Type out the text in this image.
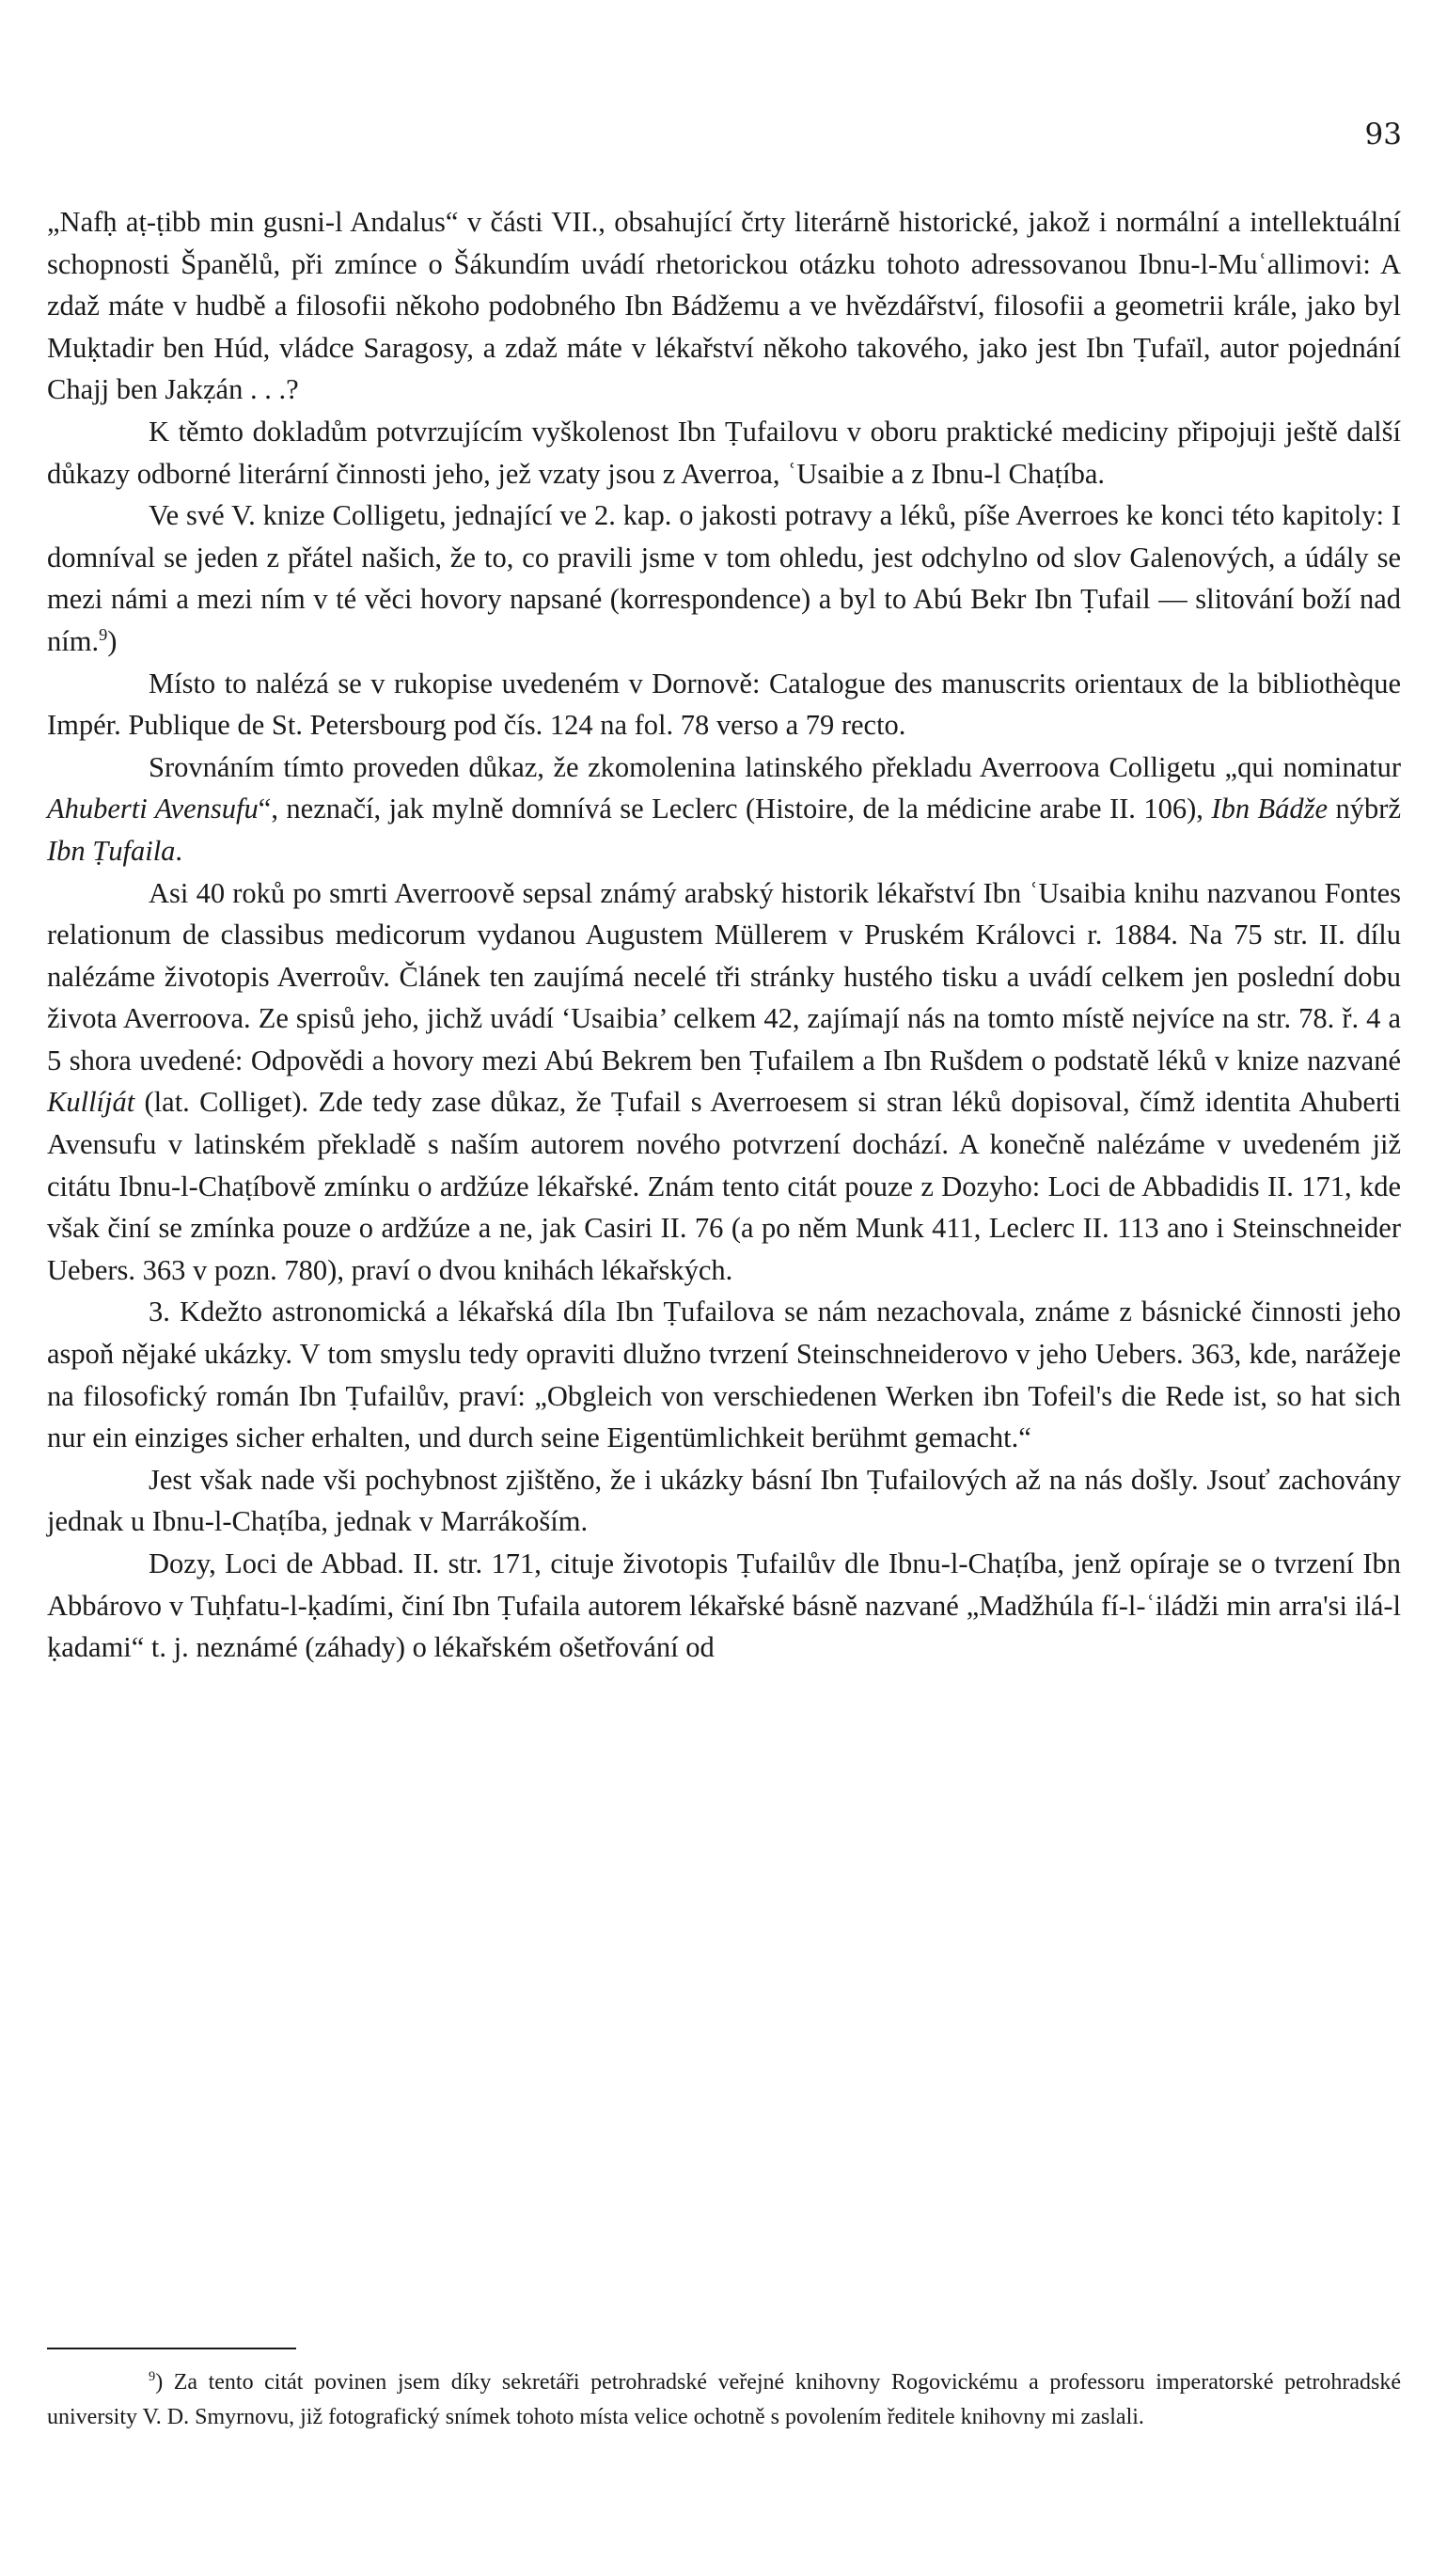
93

„Nafḥ aṭ-ṭibb min gusni-l Andalus“ v části VII., obsahující črty literárně historické, jakož i normální a intellektuální schopnosti Španělů, při zmínce o Šákundím uvádí rhetorickou otázku tohoto adressovanou Ibnu-l-Muʿallimovi: A zdaž máte v hudbě a filosofii někoho podobného Ibn Bádžemu a ve hvězdářství, filosofii a geometrii krále, jako byl Muḳtadir ben Húd, vládce Saragosy, a zdaž máte v lékařství někoho takového, jako jest Ibn Ṭufaïl, autor pojednání Chajj ben Jakẓán . . .?

K těmto dokladům potvrzujícím vyškolenost Ibn Ṭufailovu v oboru praktické mediciny připojuji ještě další důkazy odborné literární činnosti jeho, jež vzaty jsou z Averroa, ʿUsaibie a z Ibnu-l Chaṭíba.

Ve své V. knize Colligetu, jednající ve 2. kap. o jakosti potravy a léků, píše Averroes ke konci této kapitoly: I domníval se jeden z přátel našich, že to, co pravili jsme v tom ohledu, jest odchylno od slov Galenových, a údály se mezi námi a mezi ním v té věci hovory napsané (korrespondence) a byl to Abú Bekr Ibn Ṭufail — slitování boží nad ním.$^9$)

Místo to nalézá se v rukopise uvedeném v Dornově: Catalogue des manuscrits orientaux de la bibliothèque Impér. Publique de St. Petersbourg pod čís. 124 na fol. 78 verso a 79 recto.

Srovnáním tímto proveden důkaz, že zkomolenina latinského překladu Averroova Colligetu „qui nominatur Ahuberti Avensufu“, neznačí, jak mylně domnívá se Leclerc (Histoire, de la médicine arabe II. 106), Ibn Bádže nýbrž Ibn Ṭufaila.

Asi 40 roků po smrti Averroově sepsal známý arabský historik lékařství Ibn ʿUsaibia knihu nazvanou Fontes relationum de classibus medicorum vydanou Augustem Müllerem v Pruském Královci r. 1884. Na 75 str. II. dílu nalézáme životopis Averroův. Článek ten zaujímá necelé tři stránky hustého tisku a uvádí celkem jen poslední dobu života Averroova. Ze spisů jeho, jichž uvádí ʻUsaibia’ celkem 42, zajímají nás na tomto místě nejvíce na str. 78. ř. 4 a 5 shora uvedené: Odpovědi a hovory mezi Abú Bekrem ben Ṭufailem a Ibn Rušdem o podstatě léků v knize nazvané Kullíját (lat. Colliget). Zde tedy zase důkaz, že Ṭufail s Averroesem si stran léků dopisoval, čímž identita Ahuberti Avensufu v latinském překladě s naším autorem nového potvrzení dochází. A konečně nalézáme v uvedeném již citátu Ibnu-l-Chaṭíbově zmínku o ardžúze lékařské. Znám tento citát pouze z Dozyho: Loci de Abbadidis II. 171, kde však činí se zmínka pouze o ardžúze a ne, jak Casiri II. 76 (a po něm Munk 411, Leclerc II. 113 ano i Steinschneider Uebers. 363 v pozn. 780), praví o dvou knihách lékařských.

3. Kdežto astronomická a lékařská díla Ibn Ṭufailova se nám nezachovala, známe z básnické činnosti jeho aspoň nějaké ukázky. V tom smyslu tedy opraviti dlužno tvrzení Steinschneiderovo v jeho Uebers. 363, kde, narážeje na filosofický román Ibn Ṭufailův, praví: „Obgleich von verschiedenen Werken ibn Tofeil's die Rede ist, so hat sich nur ein einziges sicher erhalten, und durch seine Eigentümlichkeit berühmt gemacht.“

Jest však nade vši pochybnost zjištěno, že i ukázky básní Ibn Ṭufailových až na nás došly. Jsouť zachovány jednak u Ibnu-l-Chaṭíba, jednak v Marrákoším.

Dozy, Loci de Abbad. II. str. 171, cituje životopis Ṭufailův dle Ibnu-l-Chaṭíba, jenž opíraje se o tvrzení Ibn Abbárovo v Tuḥfatu-l-ḳadími, činí Ibn Ṭufaila autorem lékařské básně nazvané „Madžhúla fí-l-ʿiládži min arra'si ilá-l ḳadami“ t. j. neznámé (záhady) o lékařském ošetřování od

$^9$) Za tento citát povinen jsem díky sekretáři petrohradské veřejné knihovny Rogovickému a professoru imperatorské petrohradské university V. D. Smyrnovu, již fotografický snímek tohoto místa velice ochotně s povolením ředitele knihovny mi zaslali.
